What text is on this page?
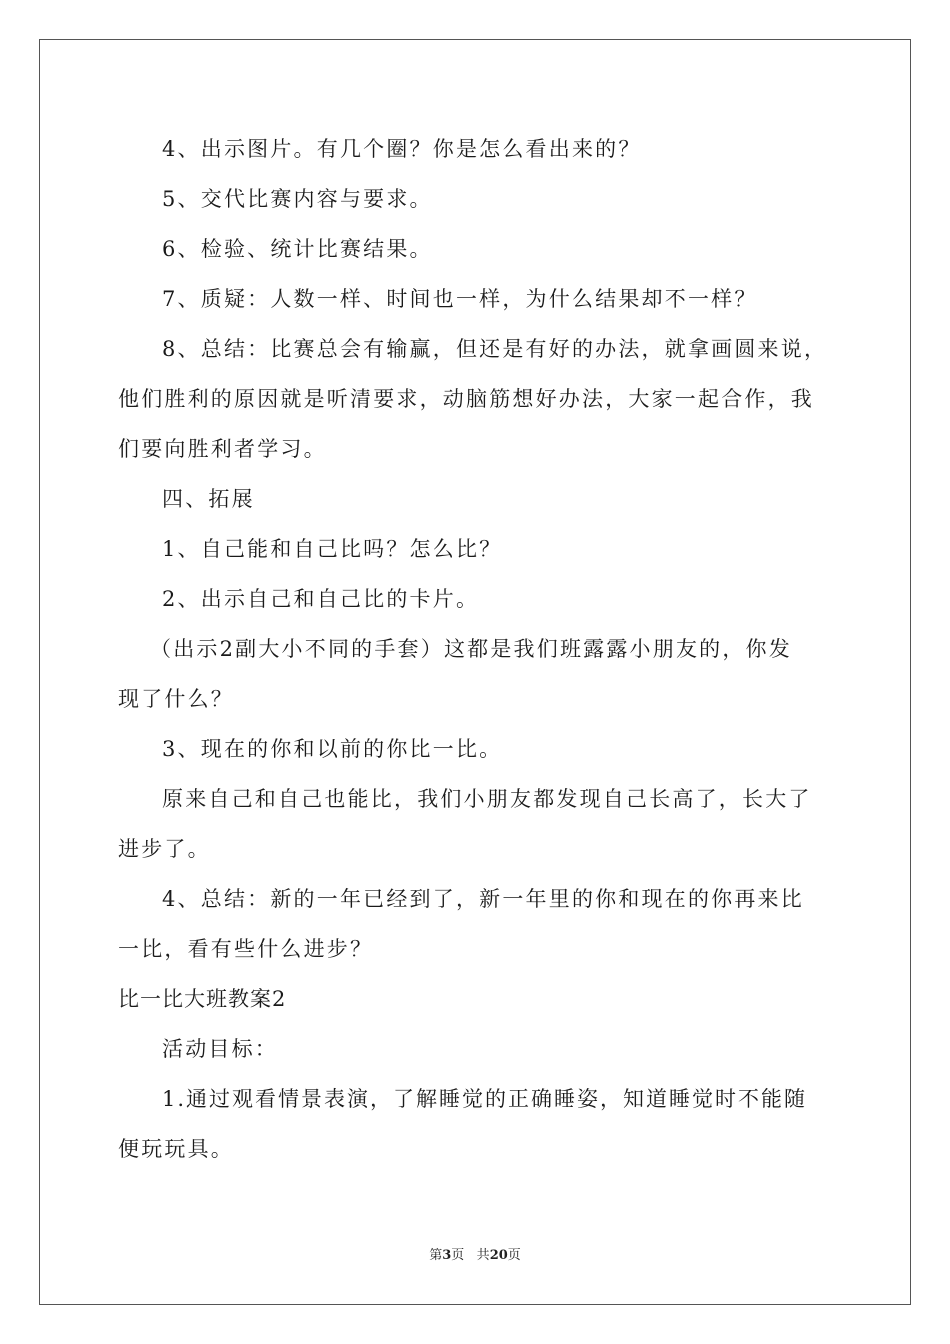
4、出示图片。有几个圈？你是怎么看出来的？
5、交代比赛内容与要求。
6、检验、统计比赛结果。
7、质疑：人数一样、时间也一样，为什么结果却不一样？
8、总结：比赛总会有输赢，但还是有好的办法，就拿画圆来说，
他们胜利的原因就是听清要求，动脑筋想好办法，大家一起合作，我
们要向胜利者学习。
四、拓展
1、自己能和自己比吗？怎么比？
2、出示自己和自己比的卡片。
（出示2副大小不同的手套）这都是我们班露露小朋友的，你发
现了什么？
3、现在的你和以前的你比一比。
原来自己和自己也能比，我们小朋友都发现自己长高了，长大了
进步了。
4、总结：新的一年已经到了，新一年里的你和现在的你再来比
一比，看有些什么进步？
比一比大班教案2
活动目标：
1.通过观看情景表演，了解睡觉的正确睡姿，知道睡觉时不能随
便玩玩具。
第3页 共20页
